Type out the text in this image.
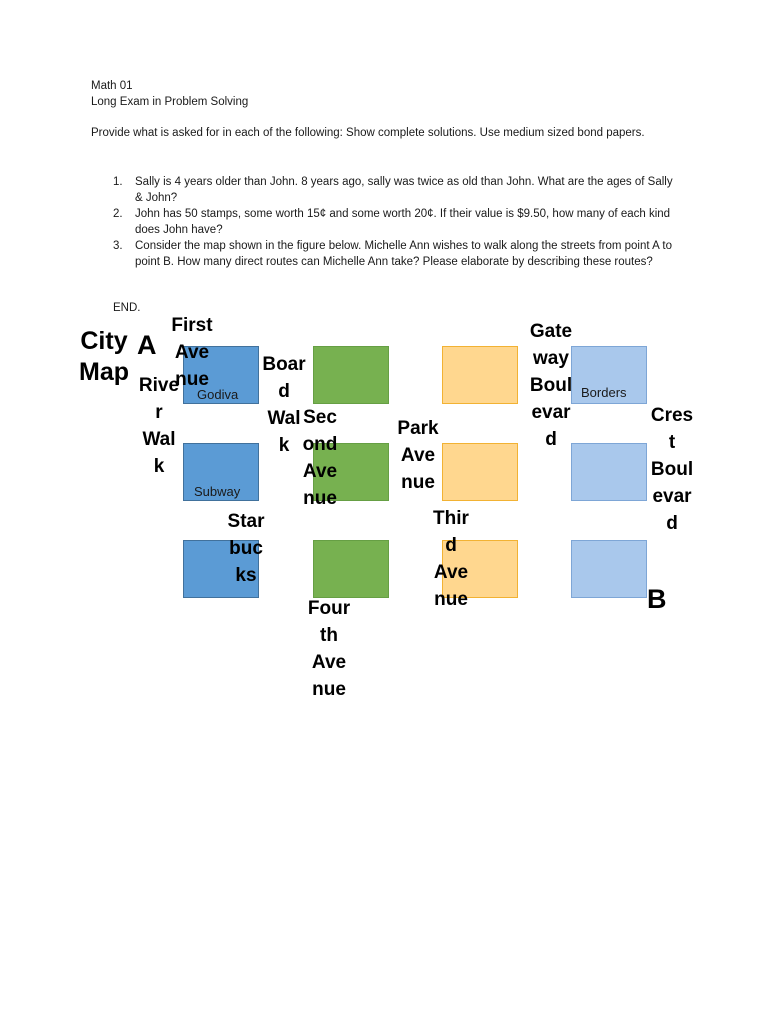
Math 01
Long Exam in Problem Solving
Provide what is asked for in each of the following: Show complete solutions. Use medium sized bond papers.
1. Sally is 4 years older than John. 8 years ago, sally was twice as old than John. What are the ages of Sally & John?
2. John has 50 stamps, some worth 15¢ and some worth 20¢. If their value is $9.50, how many of each kind does John have?
3. Consider the map shown in the figure below. Michelle Ann wishes to walk along the streets from point A to point B. How many direct routes can Michelle Ann take? Please elaborate by describing these routes?
END.
Godiva
Subway
Borders
City
Map
A
B
First
Ave
nue
Rive
r
Wal
k
Boar
d
Wal
k
Sec
ond
Ave
nue
Park
Ave
nue
Gate
way
Boul
evar
d
Cres
t
Boul
evar
d
Star
buc
ks
Thir
d
Ave
nue
Four
th
Ave
nue
